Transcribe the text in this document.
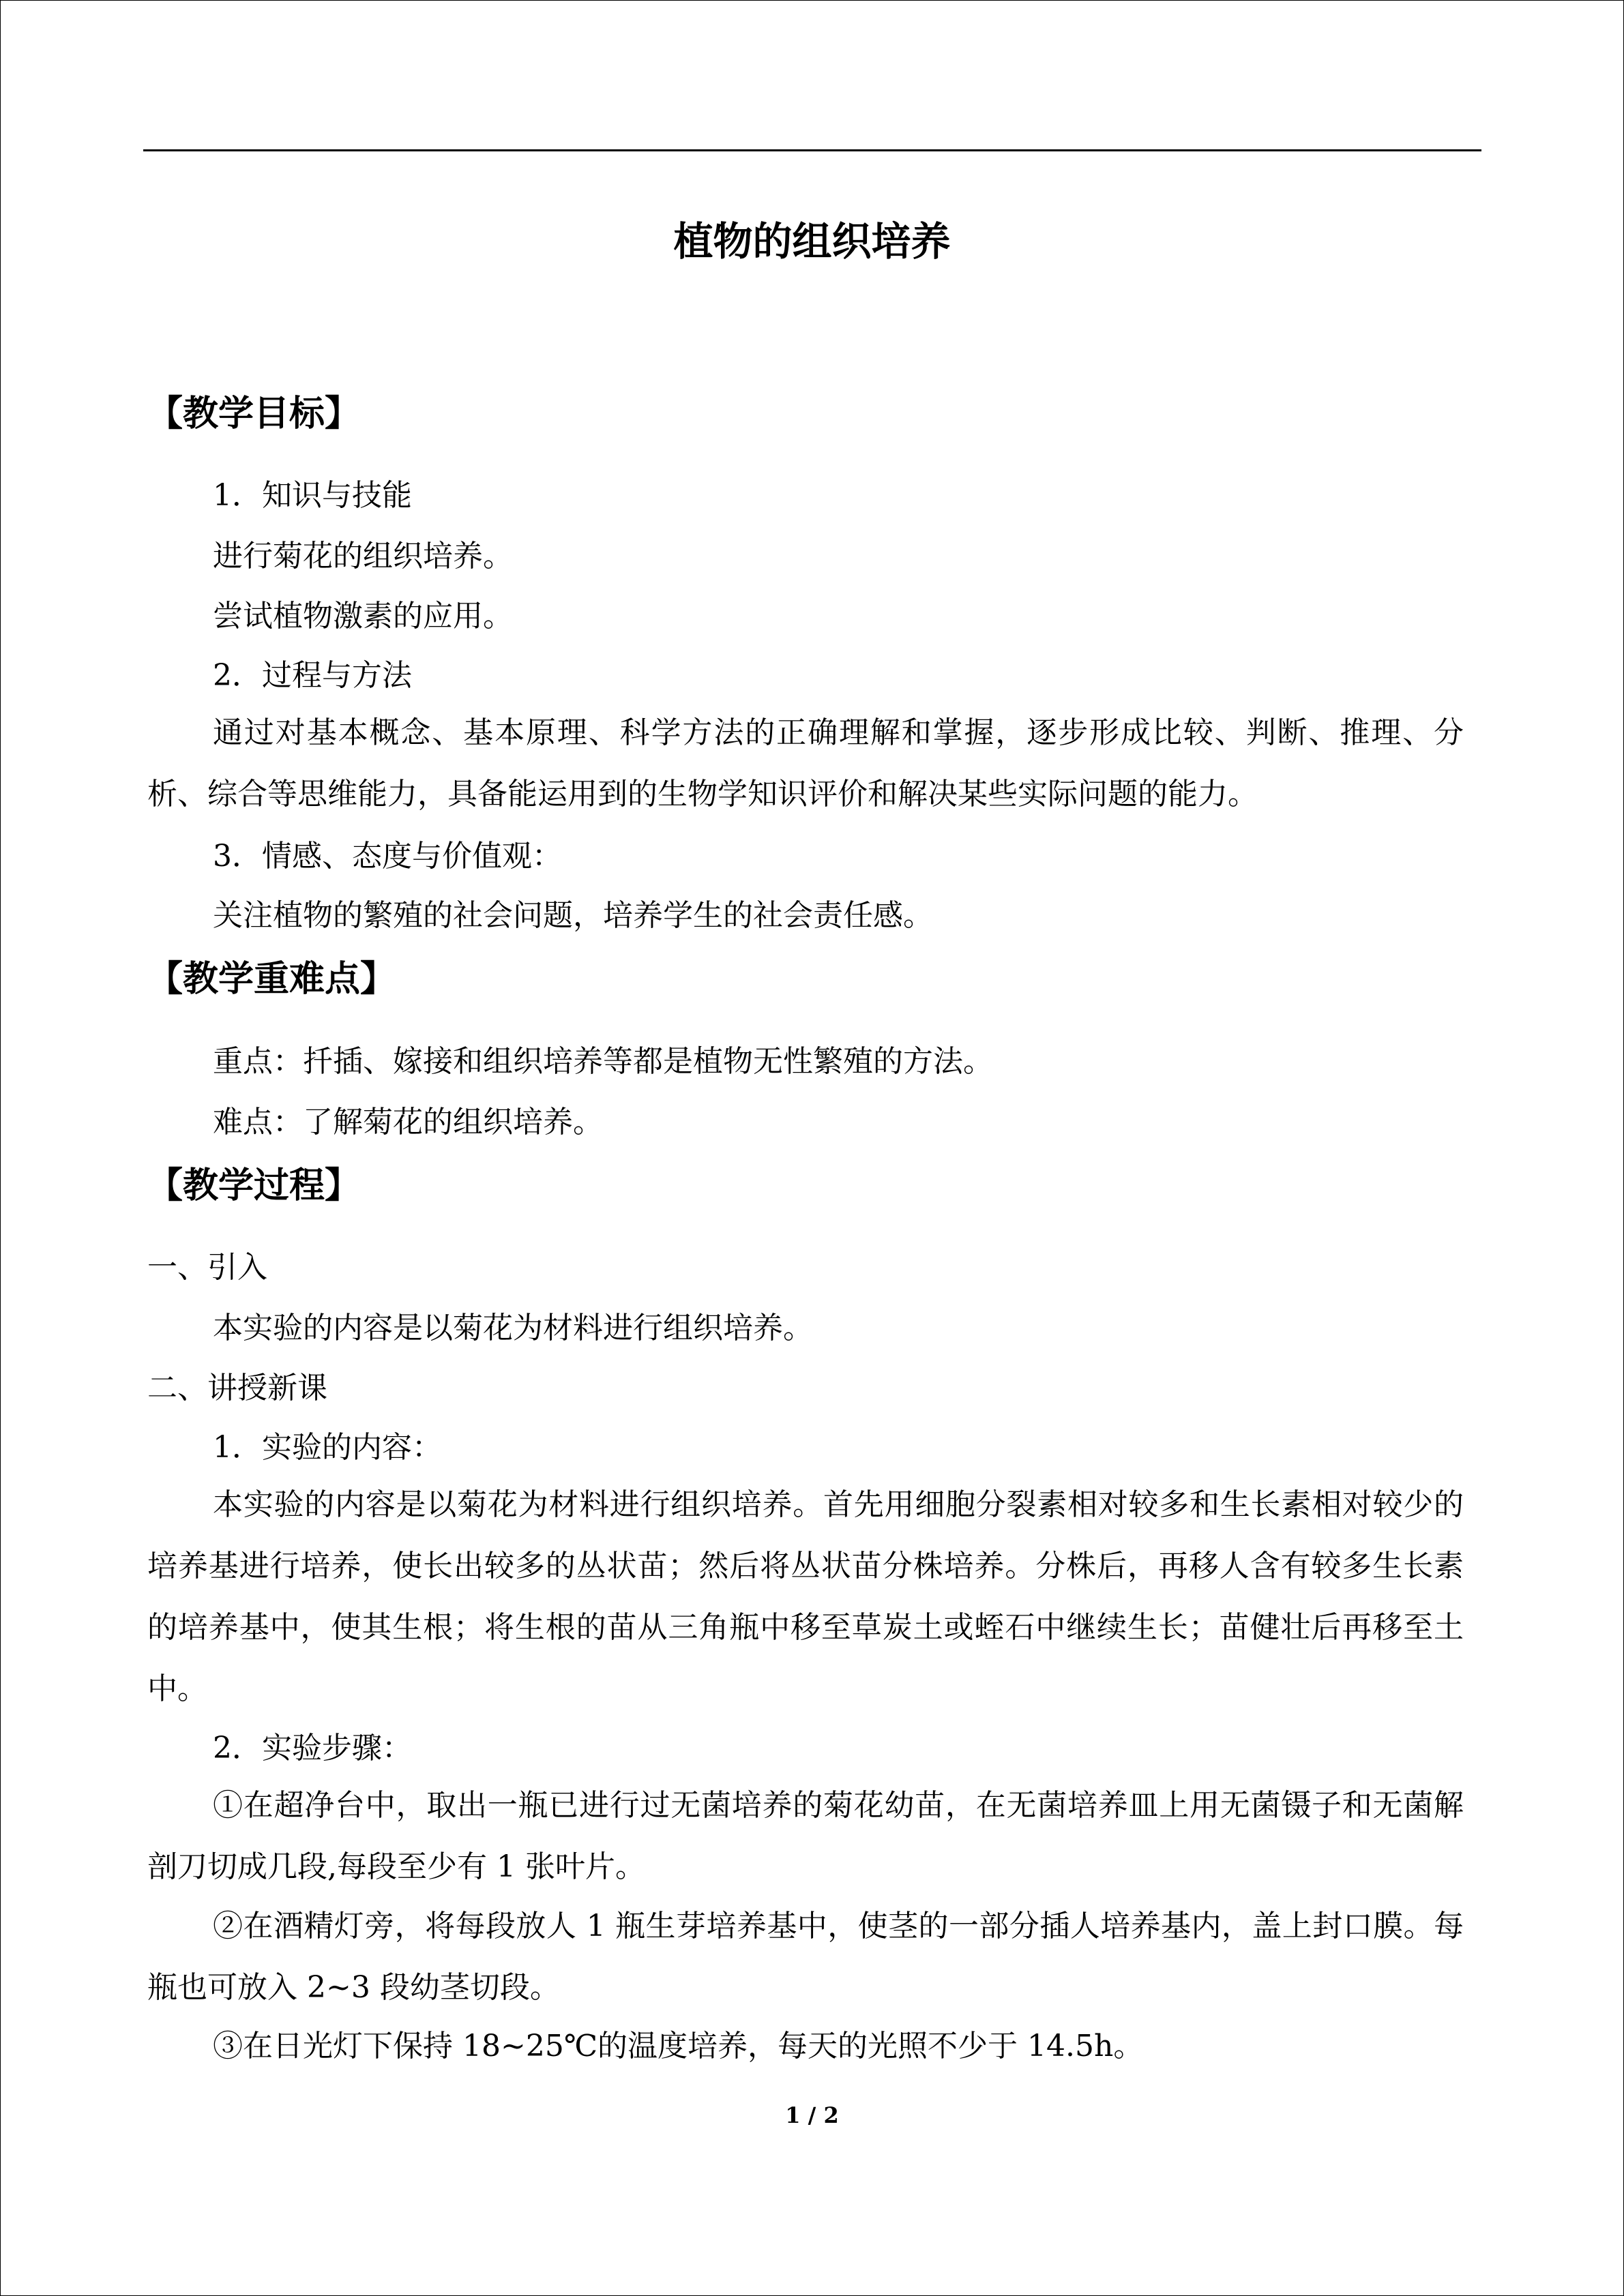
植物的组织培养
【教学目标】
1．知识与技能
进行菊花的组织培养。
尝试植物激素的应用。
2．过程与方法

通过对基本概念、基本原理、科学方法的正确理解和掌握，逐步形成比较、判断、推理、分析、综合等思维能力，具备能运用到的生物学知识评价和解决某些实际问题的能力。

3．情感、态度与价值观：
关注植物的繁殖的社会问题，培养学生的社会责任感。
【教学重难点】
重点：扦插、嫁接和组织培养等都是植物无性繁殖的方法。
难点：了解菊花的组织培养。
【教学过程】
一、引入
本实验的内容是以菊花为材料进行组织培养。
二、讲授新课
1．实验的内容：

本实验的内容是以菊花为材料进行组织培养。首先用细胞分裂素相对较多和生长素相对较少的培养基进行培养，使长出较多的丛状苗；然后将丛状苗分株培养。分株后，再移人含有较多生长素的培养基中，使其生根；将生根的苗从三角瓶中移至草炭土或蛭石中继续生长；苗健壮后再移至土中。

2．实验步骤：

①在超净台中，取出一瓶已进行过无菌培养的菊花幼苗，在无菌培养皿上用无菌镊子和无菌解剖刀切成几段,每段至少有 1 张叶片。

②在酒精灯旁，将每段放人 1 瓶生芽培养基中，使茎的一部分插人培养基内，盖上封口膜。每瓶也可放入 2~3 段幼茎切段。

③在日光灯下保持 18~25℃的温度培养，每天的光照不少于 14.5h。

1 / 2
